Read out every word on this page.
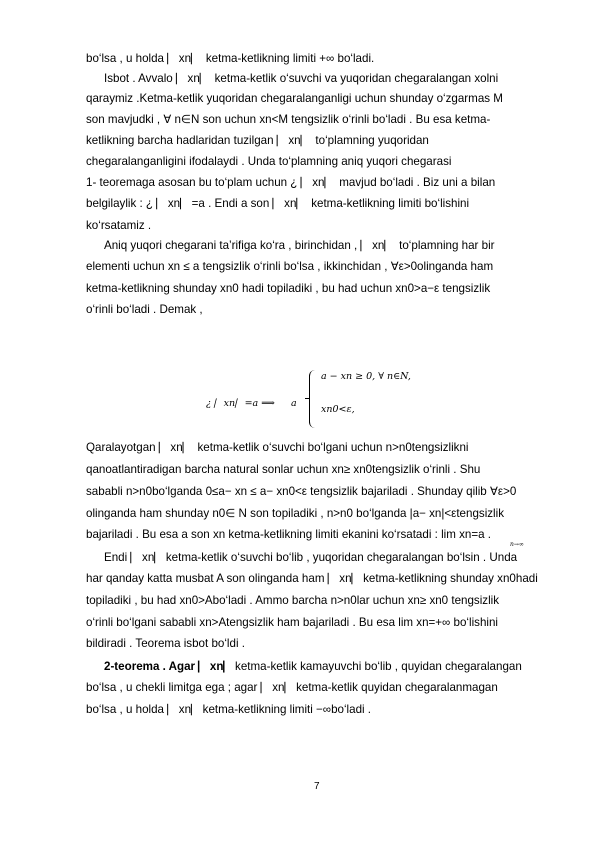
bo‘lsa , u holda ⎸xn⎸ ketma-ketlikning limiti +∞ bo‘ladi.
Isbot . Avvalo ⎸xn⎸ ketma-ketlik o‘suvchi va yuqoridan chegaralangan xolni
qaraymiz .Ketma-ketlik yuqoridan chegaralanganligi uchun shunday o‘zgarmas M
son mavjudki , ∀ n∈N son uchun xn<M tengsizlik o‘rinli bo‘ladi . Bu esa ketma-
ketlikning barcha hadlaridan tuzilgan ⎸xn⎸ to‘plamning yuqoridan
chegaralanganligini ifodalaydi . Unda to‘plamning aniq yuqori chegarasi
1- teoremaga asosan bu to‘plam uchun ¿ ⎸xn⎸ mavjud bo‘ladi . Biz uni a bilan
belgilaylik : ¿ ⎸xn⎸=a . Endi a son ⎸xn⎸ ketma-ketlikning limiti bo‘lishini
ko‘rsatamiz .
Aniq yuqori chegarani ta’rifiga ko‘ra , birinchidan , ⎸xn⎸ to‘plamning har bir
elementi uchun xn ≤ a tengsizlik o‘rinli bo‘lsa , ikkinchidan , ∀ε>0olinganda ham
ketma-ketlikning shunday xn0 hadi topiladiki , bu had uchun xn0>a−ε tengsizlik
o‘rinli bo‘ladi . Demak ,
a − xn ≥ 0, ∀ n∈N,
¿ ⎸xn⎸=a ⟹ a
xn0<ε,
Qaralayotgan ⎸xn⎸ ketma-ketlik o‘suvchi bo‘lgani uchun n>n0tengsizlikni
qanoatlantiradigan barcha natural sonlar uchun xn≥ xn0tengsizlik o‘rinli . Shu
sababli n>n0bo‘lganda 0≤a− xn ≤ a− xn0<ε tengsizlik bajariladi . Shunday qilib ∀ε>0
olinganda ham shunday n0∈ N son topiladiki , n>n0 bo‘lganda |a− xn|<εtengsizlik
bajariladi . Bu esa a son xn ketma-ketlikning limiti ekanini ko‘rsatadi : lim xn=a .
n→∞
Endi ⎸xn⎸ketma-ketlik o‘suvchi bo‘lib , yuqoridan chegaralangan bo‘lsin . Unda
har qanday katta musbat A son olinganda ham ⎸xn⎸ketma-ketlikning shunday xn0hadi
topiladiki , bu had xn0>Abo‘ladi . Ammo barcha n>n0lar uchun xn≥ xn0 tengsizlik
o‘rinli bo‘lgani sababli xn>Atengsizlik ham bajariladi . Bu esa lim xn=+∞ bo‘lishini
bildiradi . Teorema isbot bo‘ldi .
2-teorema . Agar ⎸xn⎸ketma-ketlik kamayuvchi bo‘lib , quyidan chegaralangan
bo‘lsa , u chekli limitga ega ; agar ⎸xn⎸ketma-ketlik quyidan chegaralanmagan
bo‘lsa , u holda ⎸xn⎸ketma-ketlikning limiti −∞bo‘ladi .
7
